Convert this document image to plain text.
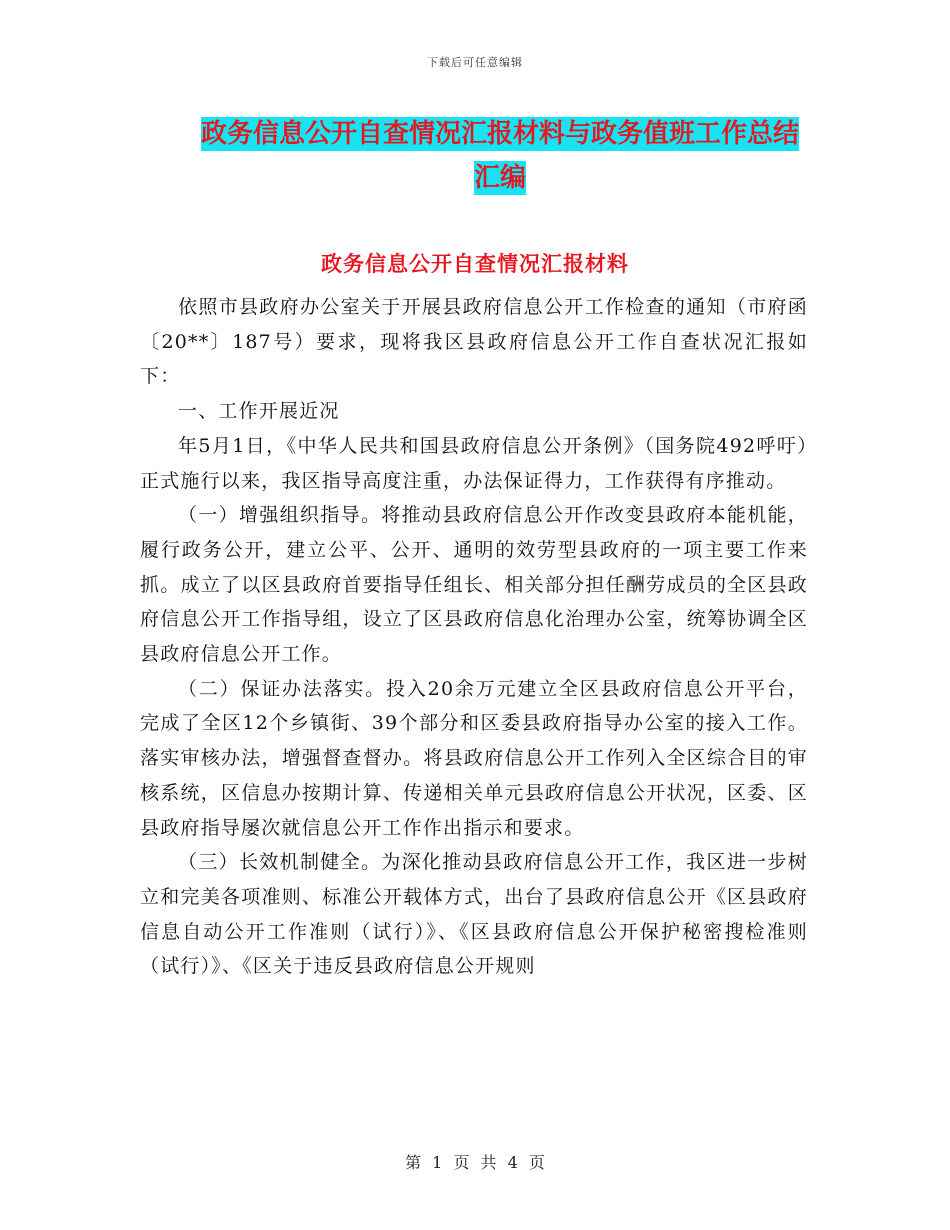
下载后可任意编辑
政务信息公开自查情况汇报材料与政务值班工作总结
汇编
政务信息公开自查情况汇报材料

依照市县政府办公室关于开展县政府信息公开工作检查的通知（市府函〔20**〕187号）要求，现将我区县政府信息公开工作自查状况汇报如下：

一、工作开展近况

年5月1日，《中华人民共和国县政府信息公开条例》（国务院492呼吁）正式施行以来，我区指导高度注重，办法保证得力，工作获得有序推动。

（一）增强组织指导。将推动县政府信息公开作改变县政府本能机能，履行政务公开，建立公平、公开、通明的效劳型县政府的一项主要工作来抓。成立了以区县政府首要指导任组长、相关部分担任酬劳成员的全区县政府信息公开工作指导组，设立了区县政府信息化治理办公室，统筹协调全区县政府信息公开工作。

（二）保证办法落实。投入20余万元建立全区县政府信息公开平台，完成了全区12个乡镇街、39个部分和区委县政府指导办公室的接入工作。落实审核办法，增强督查督办。将县政府信息公开工作列入全区综合目的审核系统，区信息办按期计算、传递相关单元县政府信息公开状况，区委、区县政府指导屡次就信息公开工作作出指示和要求。

（三）长效机制健全。为深化推动县政府信息公开工作，我区进一步树立和完美各项准则、标准公开载体方式，出台了县政府信息公开《区县政府信息自动公开工作准则（试行）》、《区县政府信息公开保护秘密搜检准则（试行）》、《区关于违反县政府信息公开规则

第 1 页 共 4 页
